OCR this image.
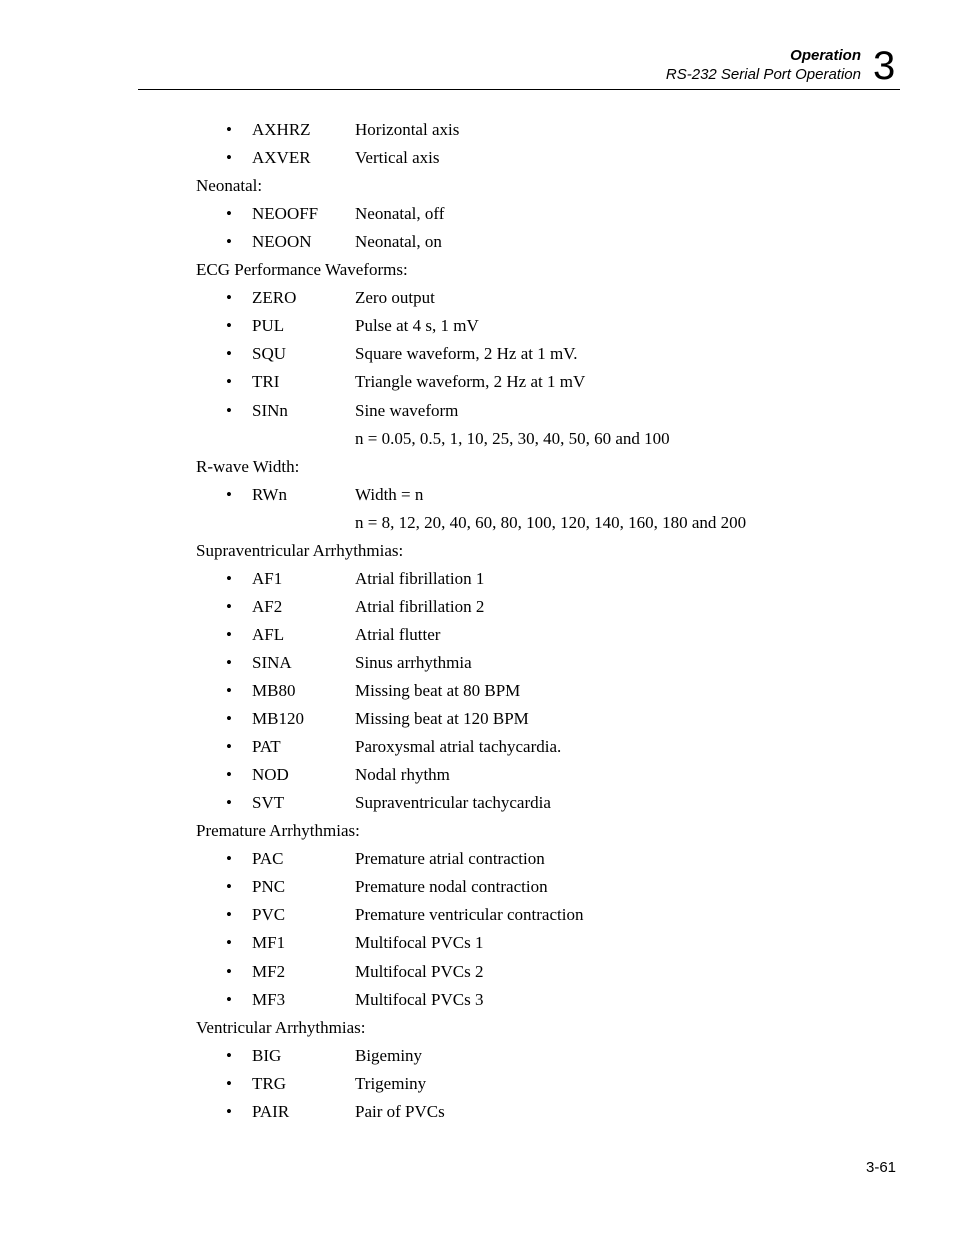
Operation
RS-232 Serial Port Operation 3
• AXHRZ	Horizontal axis
• AXVER	Vertical axis
Neonatal:
• NEOOFF Neonatal, off
• NEOON	Neonatal, on
ECG Performance Waveforms:
• ZERO	Zero output
• PUL	Pulse at 4 s, 1 mV
• SQU	Square waveform, 2 Hz at 1 mV.
• TRI	Triangle waveform, 2 Hz at 1 mV
• SINn	Sine waveform
n = 0.05, 0.5, 1, 10, 25, 30, 40, 50, 60 and 100
R-wave Width:
• RWn	Width = n
n = 8, 12, 20, 40, 60, 80, 100, 120, 140, 160, 180 and 200
Supraventricular Arrhythmias:
• AF1	Atrial fibrillation 1
• AF2	Atrial fibrillation 2
• AFL	Atrial flutter
• SINA	Sinus arrhythmia
• MB80	Missing beat at 80 BPM
• MB120	Missing beat at 120 BPM
• PAT	Paroxysmal atrial tachycardia.
• NOD	Nodal rhythm
• SVT	Supraventricular tachycardia
Premature Arrhythmias:
• PAC	Premature atrial contraction
• PNC	Premature nodal contraction
• PVC	Premature ventricular contraction
• MF1	Multifocal PVCs 1
• MF2	Multifocal PVCs 2
• MF3	Multifocal PVCs 3
Ventricular Arrhythmias:
• BIG	Bigeminy
• TRG	Trigeminy
• PAIR	Pair of PVCs
3-61
